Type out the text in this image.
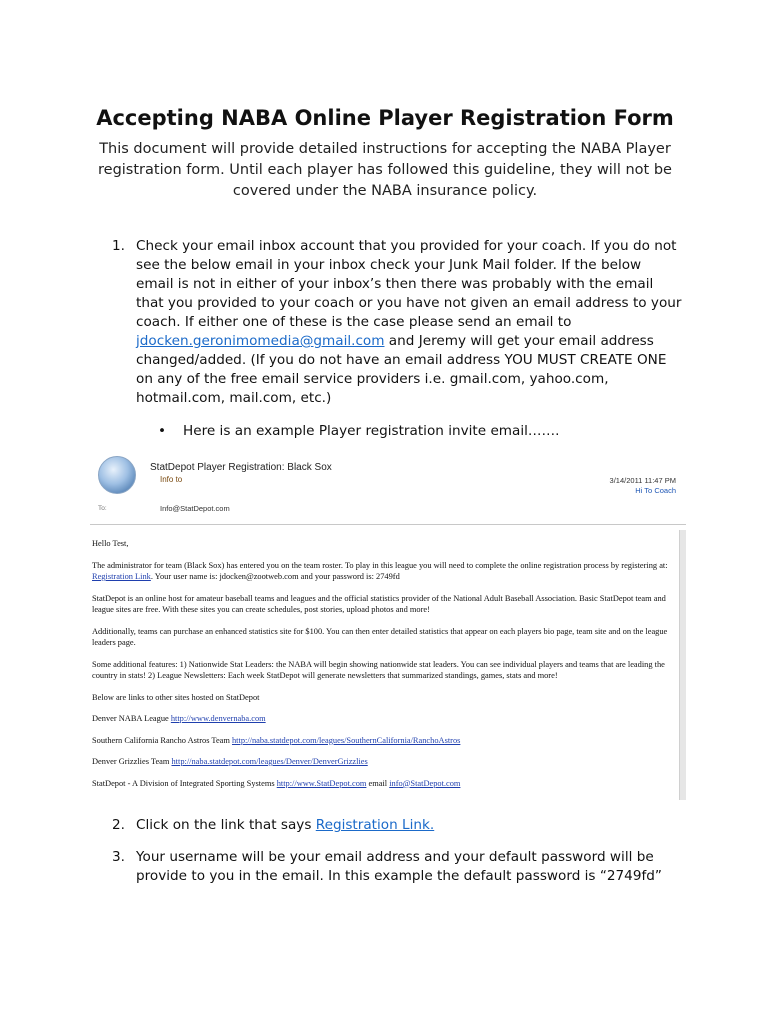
Accepting NABA Online Player Registration Form
This document will provide detailed instructions for accepting the NABA Player registration form. Until each player has followed this guideline, they will not be covered under the NABA insurance policy.
1. Check your email inbox account that you provided for your coach. If you do not see the below email in your inbox check your Junk Mail folder. If the below email is not in either of your inbox’s then there was probably with the email that you provided to your coach or you have not given an email address to your coach. If either one of these is the case please send an email to jdocken.geronimomedia@gmail.com and Jeremy will get your email address changed/added. (If you do not have an email address YOU MUST CREATE ONE on any of the free email service providers i.e. gmail.com, yahoo.com, hotmail.com, mail.com, etc.)
• Here is an example Player registration invite email…….
StatDepot Player Registration: Black Sox
Info to	3/14/2011 11:47 PM
Hi To Coach
To:	Info@StatDepot.com

Hello Test,

The administrator for team (Black Sox) has entered you on the team roster. To play in this league you will need to complete the online registration process by registering at: Registration Link. Your user name is: jdocken@zootweb.com and your password is: 2749fd

StatDepot is an online host for amateur baseball teams and leagues and the official statistics provider of the National Adult Baseball Association. Basic StatDepot team and league sites are free. With these sites you can create schedules, post stories, upload photos and more!

Additionally, teams can purchase an enhanced statistics site for $100. You can then enter detailed statistics that appear on each players bio page, team site and on the league leaders page.

Some additional features: 1) Nationwide Stat Leaders: the NABA will begin showing nationwide stat leaders. You can see individual players and teams that are leading the country in stats! 2) League Newsletters: Each week StatDepot will generate newsletters that summarized standings, games, stats and more!

Below are links to other sites hosted on StatDepot

Denver NABA League http://www.denvernaba.com

Southern California Rancho Astros Team http://naba.statdepot.com/leagues/SouthernCalifornia/RanchoAstros

Denver Grizzlies Team http://naba.statdepot.com/leagues/Denver/DenverGrizzlies

StatDepot - A Division of Integrated Sporting Systems http://www.StatDepot.com email info@StatDepot.com

2. Click on the link that says Registration Link.
3. Your username will be your email address and your default password will be provide to you in the email. In this example the default password is “2749fd”
